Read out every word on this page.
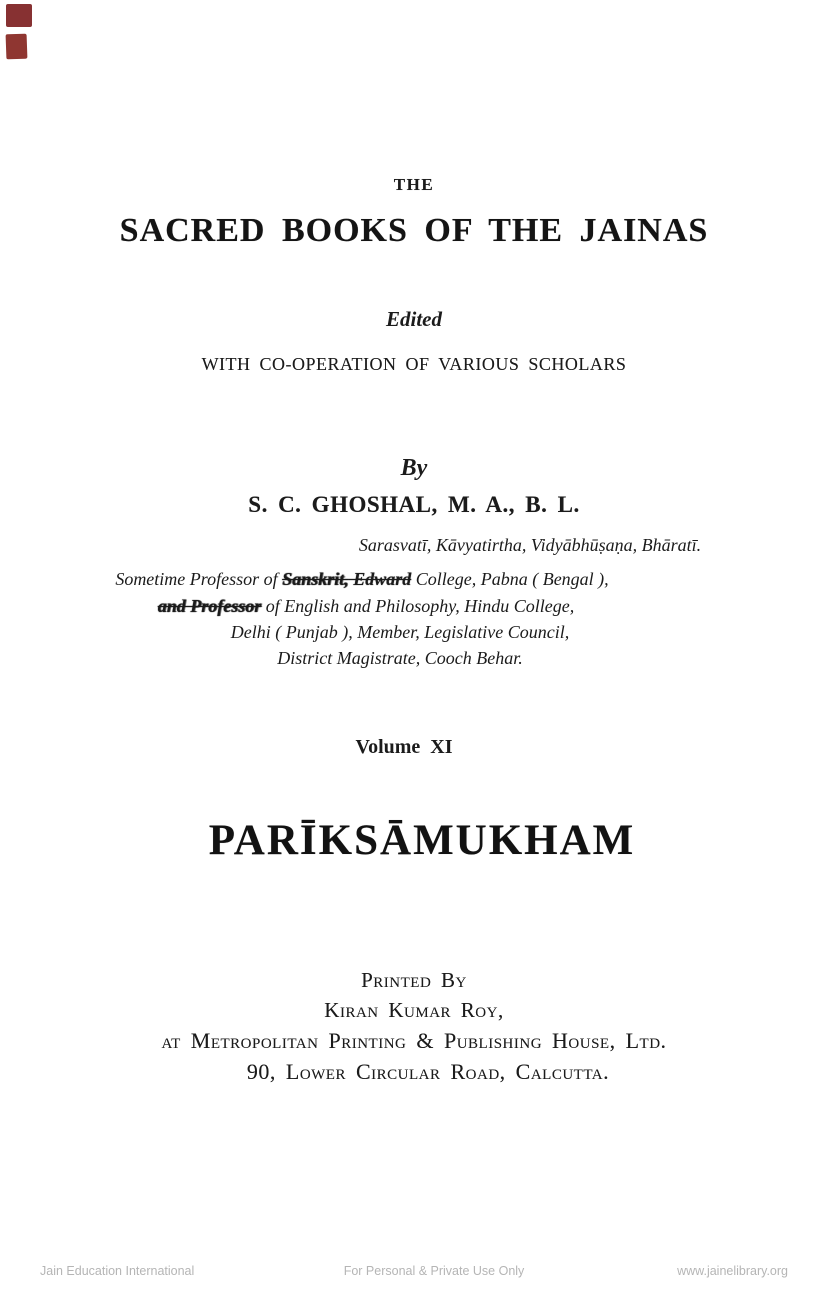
THE
SACRED BOOKS OF THE JAINAS
Edited
WITH CO-OPERATION OF VARIOUS SCHOLARS
By
S. C. GHOSHAL, M. A., B. L.
Sarasvatī, Kāvyatirtha, Vidyābhūṣaṇa, Bhāratī.
Sometime Professor of Sanskrit, Edward College, Pabna ( Bengal ),
and Professor of English and Philosophy, Hindu College,
Delhi ( Punjab ), Member, Legislative Council,
District Magistrate, Cooch Behar.
Volume XI
PARĪKSĀMUKHAM
Printed By
Kiran Kumar Roy,
at Metropolitan Printing & Publishing House, Ltd.
90, Lower Circular Road, Calcutta.
Jain Education International	For Personal & Private Use Only	www.jainelibrary.org
